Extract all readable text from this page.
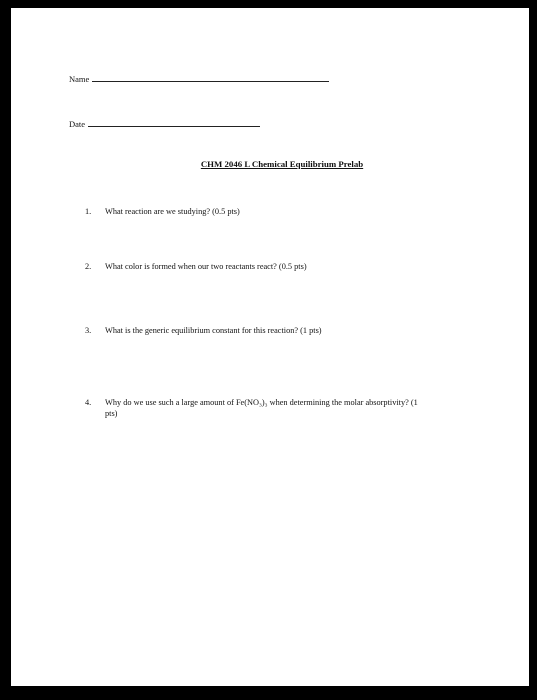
Name
Date
CHM 2046 L Chemical Equilibrium Prelab
1.	What reaction are we studying? (0.5 pts)
2.	What color is formed when our two reactants react? (0.5 pts)
3.	What is the generic equilibrium constant for this reaction? (1 pts)
4.	Why do we use such a large amount of Fe(NO₃)₃ when determining the molar absorptivity? (1 pts)
